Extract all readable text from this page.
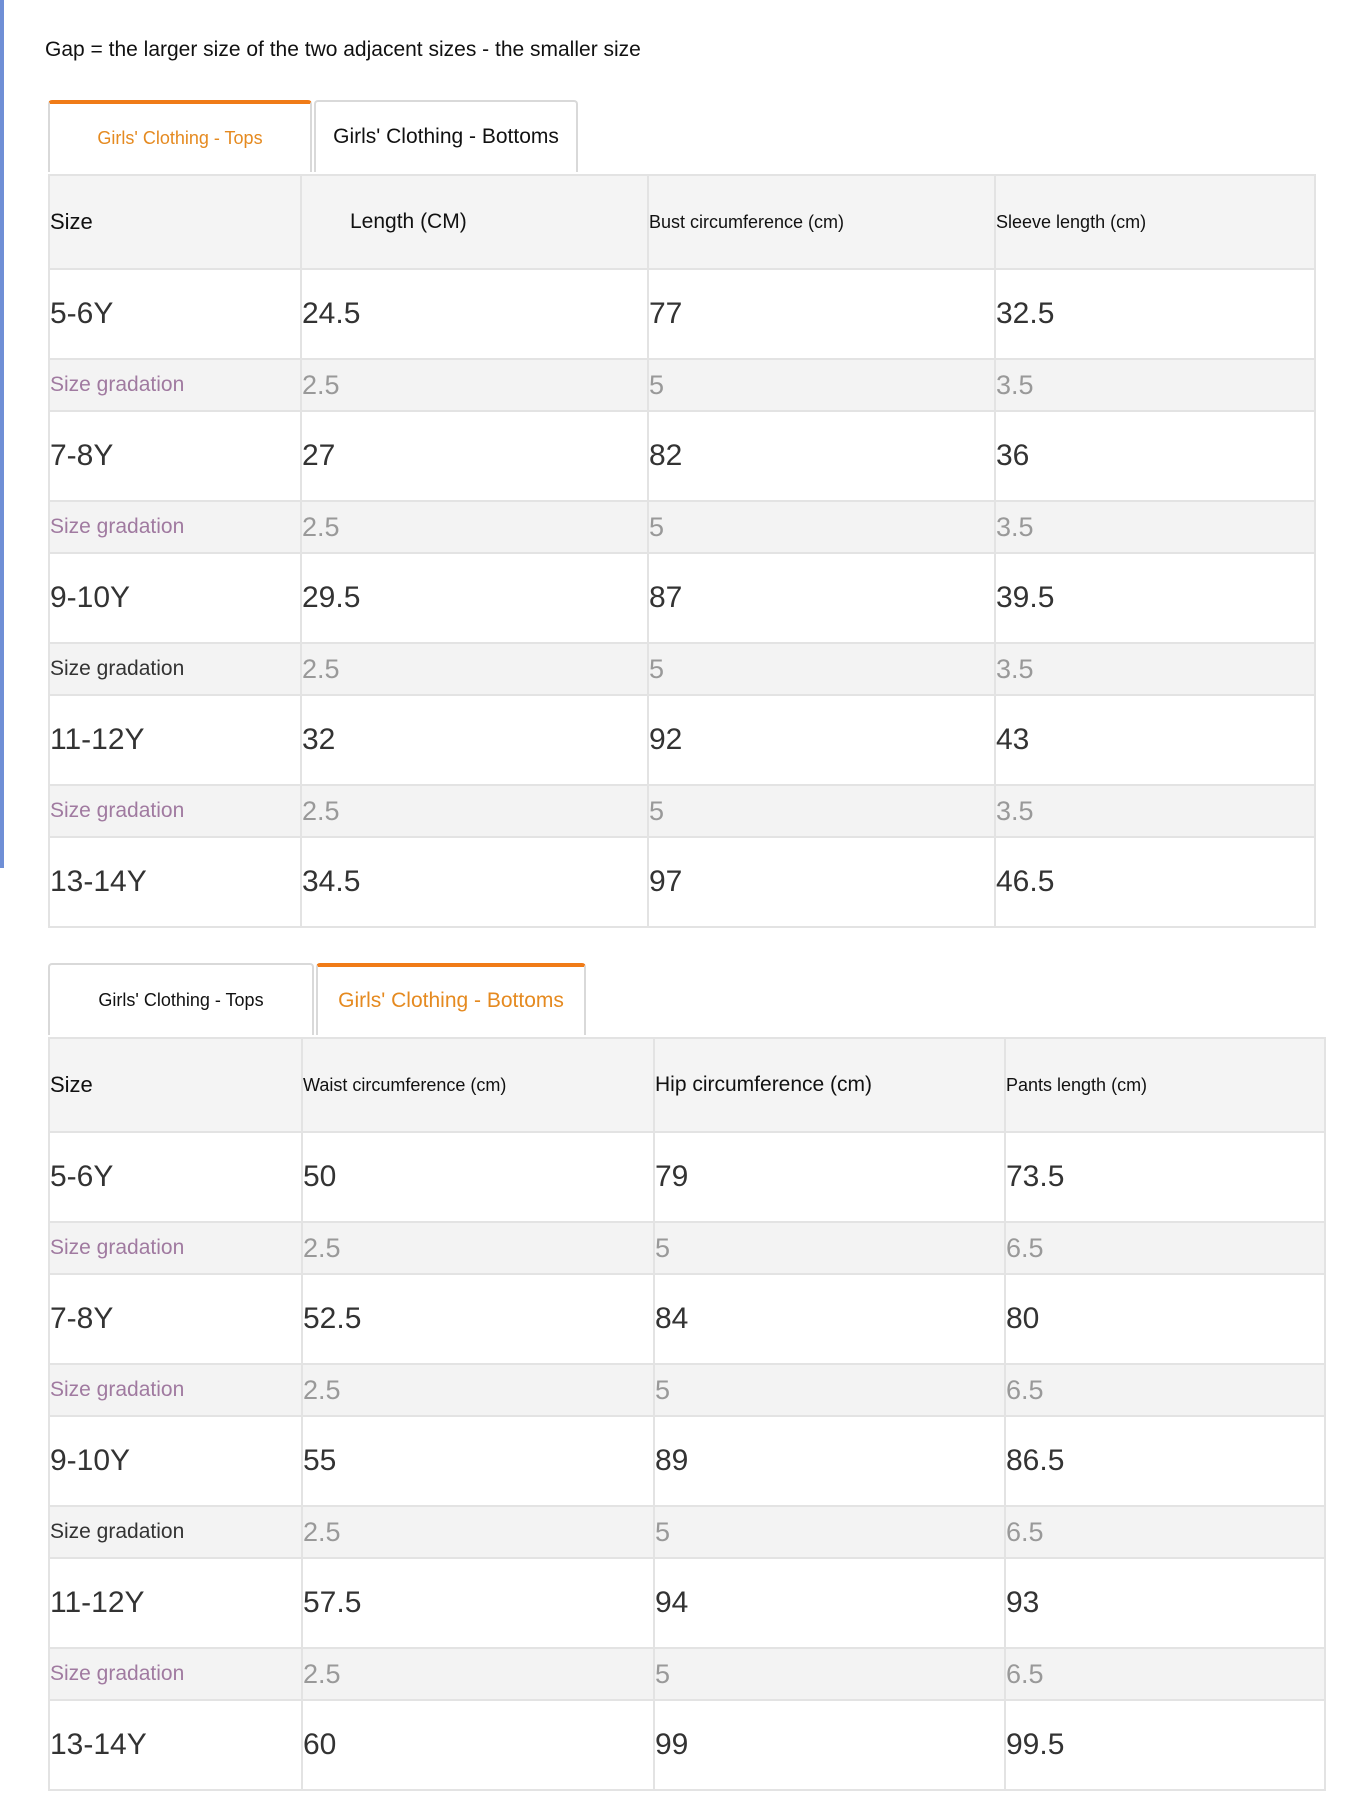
Gap = the larger size of the two adjacent sizes - the smaller size
Girls' Clothing - Tops	Girls' Clothing - Bottoms
Size	Length (CM)	Bust circumference (cm)	Sleeve length (cm)
5-6Y	24.5	77	32.5
Size gradation	2.5	5	3.5
7-8Y	27	82	36
Size gradation	2.5	5	3.5
9-10Y	29.5	87	39.5
Size gradation	2.5	5	3.5
11-12Y	32	92	43
Size gradation	2.5	5	3.5
13-14Y	34.5	97	46.5
Girls' Clothing - Tops	Girls' Clothing - Bottoms
Size	Waist circumference (cm)	Hip circumference (cm)	Pants length (cm)
5-6Y	50	79	73.5
Size gradation	2.5	5	6.5
7-8Y	52.5	84	80
Size gradation	2.5	5	6.5
9-10Y	55	89	86.5
Size gradation	2.5	5	6.5
11-12Y	57.5	94	93
Size gradation	2.5	5	6.5
13-14Y	60	99	99.5
